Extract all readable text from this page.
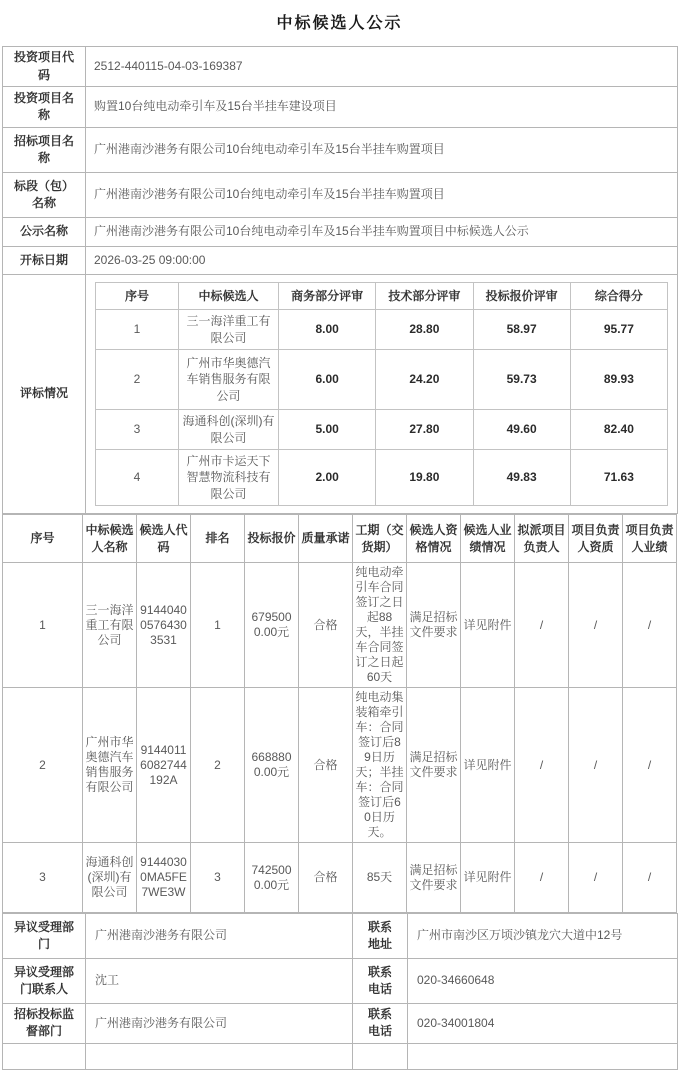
中标候选人公示
投资项目代码	2512-440115-04-03-169387
投资项目名称	购置10台纯电动牵引车及15台半挂车建设项目
招标项目名称	广州港南沙港务有限公司10台纯电动牵引车及15台半挂车购置项目
标段（包）名称	广州港南沙港务有限公司10台纯电动牵引车及15台半挂车购置项目
公示名称	广州港南沙港务有限公司10台纯电动牵引车及15台半挂车购置项目中标候选人公示
开标日期	2026-03-25 09:00:00
评标情况	
序号	中标候选人	商务部分评审	技术部分评审	投标报价评审	综合得分
1	三一海洋重工有限公司	8.00	28.80	58.97	95.77
2	广州市华奥德汽车销售服务有限公司	6.00	24.20	59.73	89.93
3	海通科创(深圳)有限公司	5.00	27.80	49.60	82.40
4	广州市卡运天下智慧物流科技有限公司	2.00	19.80	49.83	71.63
序号	中标候选人名称	候选人代码	排名	投标报价	质量承诺	工期（交货期）	候选人资格情况	候选人业绩情况	拟派项目负责人	项目负责人资质	项目负责人业绩
1	三一海洋重工有限公司	914404005764303531	1	6795000.00元	合格	纯电动牵引车合同签订之日起88天，半挂车合同签订之日起60天	满足招标文件要求	详见附件	/	/	/
2	广州市华奥德汽车销售服务有限公司	91440116082744192A	2	6688800.00元	合格	纯电动集装箱牵引车：合同签订后89日历天；半挂车：合同签订后60日历天。	满足招标文件要求	详见附件	/	/	/
3	海通科创(深圳)有限公司	91440300MA5FE7WE3W	3	7425000.00元	合格	85天	满足招标文件要求	详见附件	/	/	/
异议受理部门	广州港南沙港务有限公司	联系地址	广州市南沙区万顷沙镇龙穴大道中12号
异议受理部门联系人	沈工	联系电话	020-34660648
招标投标监督部门	广州港南沙港务有限公司	联系电话	020-34001804
